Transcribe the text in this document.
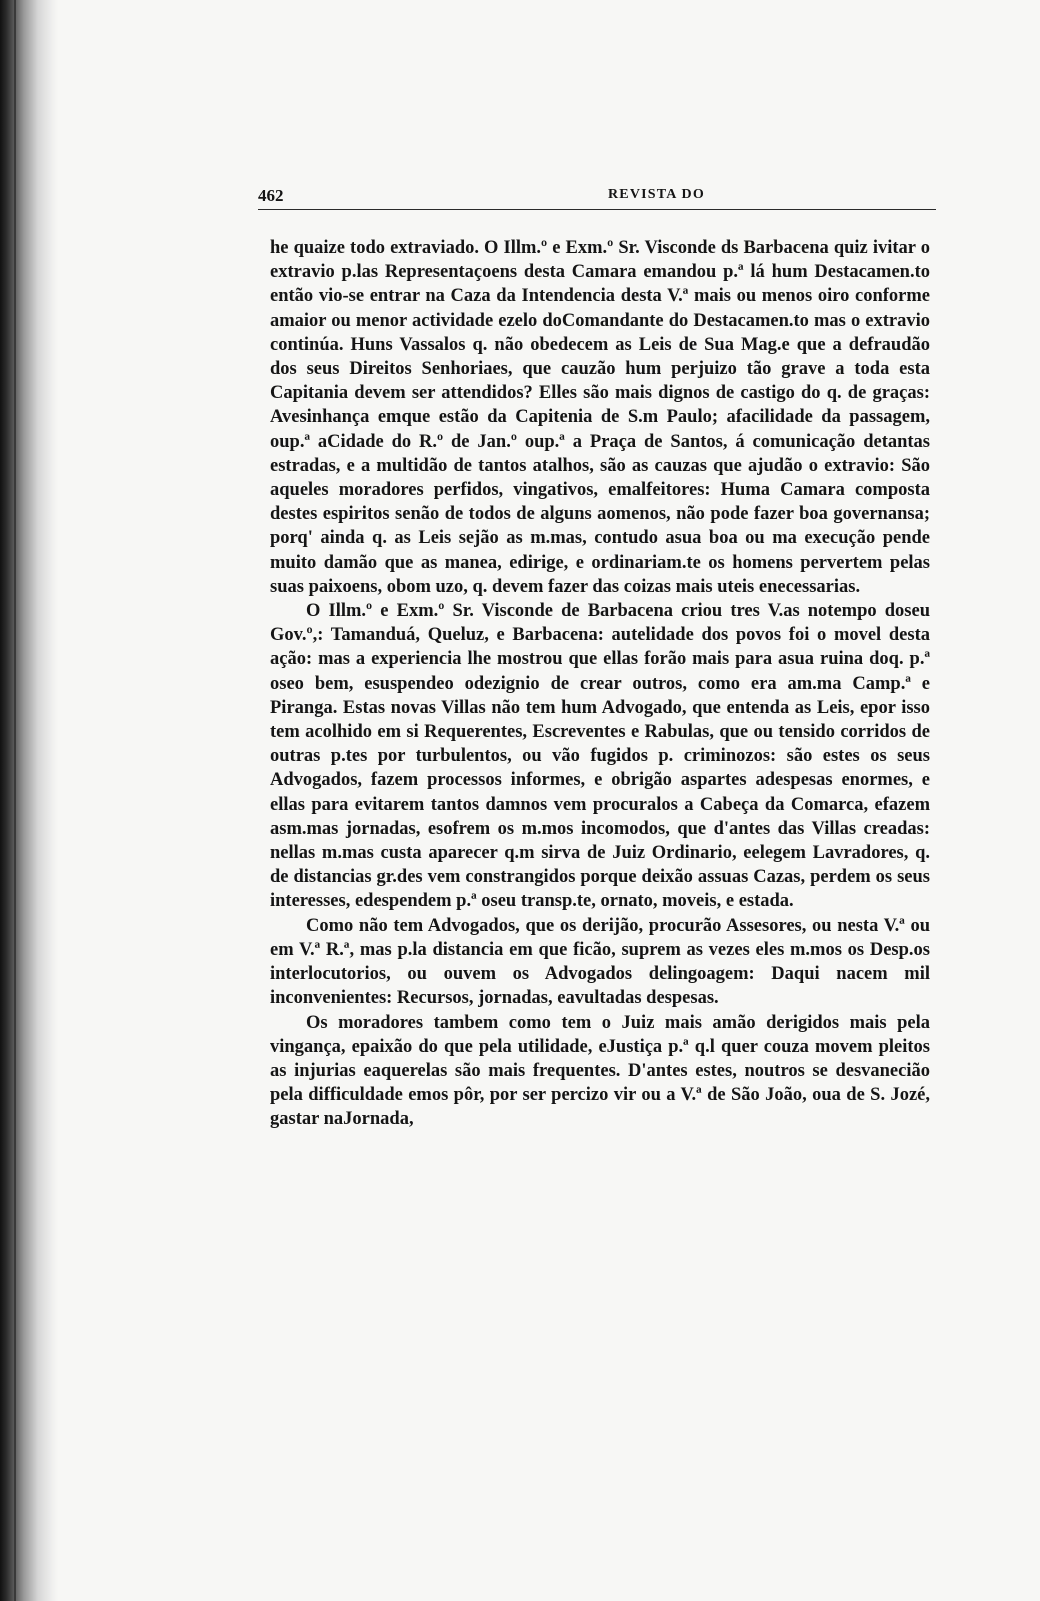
462	REVISTA DO

he quaize todo extraviado. O Illm.º e Exm.º Sr. Visconde ds Barbacena quiz ivitar o extravio p.las Representaçoens desta Camara emandou p.ª lá hum Destacamen.to então vio-se entrar na Caza da Intendencia desta V.ª mais ou menos oiro conforme amaior ou menor actividade ezelo doComandante do Destacamen.to mas o extravio continúa. Huns Vassalos q. não obedecem as Leis de Sua Mag.e que a defraudão dos seus Direitos Senhoriaes, que cauzão hum perjuizo tão grave a toda esta Capitania devem ser attendidos? Elles são mais dignos de castigo do q. de graças: Avesinhança emque estão da Capitenia de S.m Paulo; afacilidade da passagem, oup.ª aCidade do R.º de Jan.º oup.ª a Praça de Santos, á comunicação detantas estradas, e a multidão de tantos atalhos, são as cauzas que ajudão o extravio: São aqueles moradores perfidos, vingativos, emalfeitores: Huma Camara composta destes espiritos senão de todos de alguns aomenos, não pode fazer boa governansa; porq' ainda q. as Leis sejão as m.mas, contudo asua boa ou ma execução pende muito damão que as manea, edirige, e ordinariam.te os homens pervertem pelas suas paixoens, obom uzo, q. devem fazer das coizas mais uteis enecessarias.

O Illm.º e Exm.º Sr. Visconde de Barbacena criou tres V.as notempo doseu Gov.º,: Tamanduá, Queluz, e Barbacena: autelidade dos povos foi o movel desta ação: mas a experiencia lhe mostrou que ellas forão mais para asua ruina doq. p.ª oseo bem, esuspendeo odezignio de crear outros, como era am.ma Camp.ª e Piranga. Estas novas Villas não tem hum Advogado, que entenda as Leis, epor isso tem acolhido em si Requerentes, Escreventes e Rabulas, que ou tensido corridos de outras p.tes por turbulentos, ou vão fugidos p. criminozos: são estes os seus Advogados, fazem processos informes, e obrigão aspartes adespesas enormes, e ellas para evitarem tantos damnos vem procuralos a Cabeça da Comarca, efazem asm.mas jornadas, esofrem os m.mos incomodos, que d'antes das Villas creadas: nellas m.mas custa aparecer q.m sirva de Juiz Ordinario, eelegem Lavradores, q. de distancias gr.des vem constrangidos porque deixão assuas Cazas, perdem os seus interesses, edespendem p.ª oseu transp.te, ornato, moveis, e estada.

Como não tem Advogados, que os derijão, procurão Assesores, ou nesta V.ª ou em V.ª R.ª, mas p.la distancia em que ficão, suprem as vezes eles m.mos os Desp.os interlocutorios, ou ouvem os Advogados delingoagem: Daqui nacem mil inconvenientes: Recursos, jornadas, eavultadas despesas.

Os moradores tambem como tem o Juiz mais amão derigidos mais pela vingança, epaixão do que pela utilidade, eJustiça p.ª q.l quer couza movem pleitos as injurias eaquerelas são mais frequentes. D'antes estes, noutros se desvanecião pela difficuldade emos pôr, por ser percizo vir ou a V.ª de São João, oua de S. Jozé, gastar naJornada,
